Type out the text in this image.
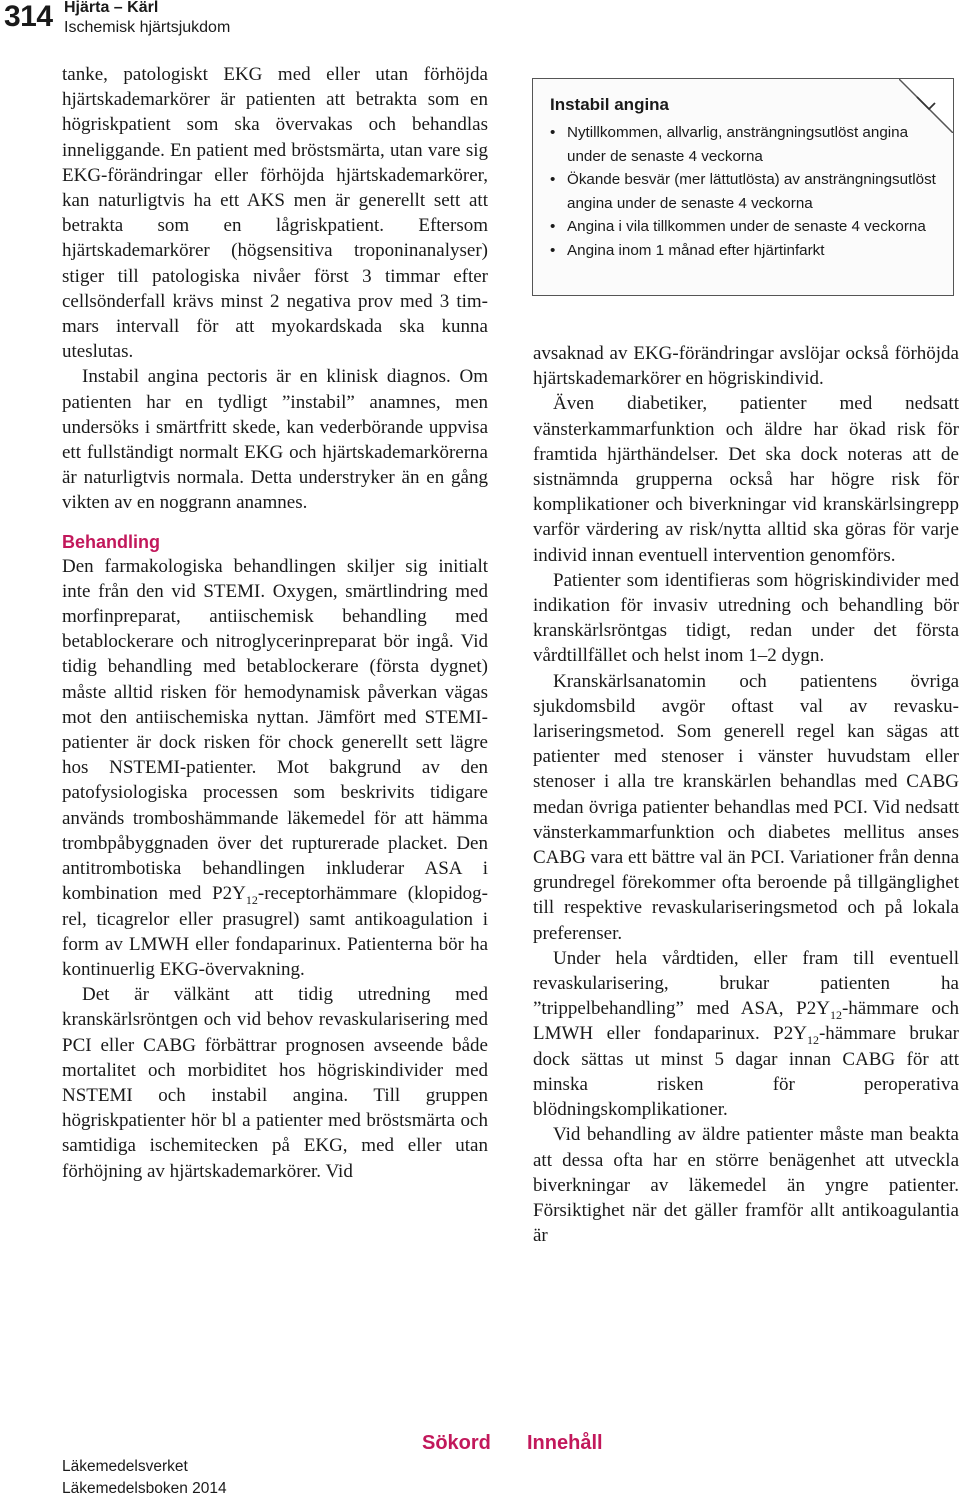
314 Hjärta – Kärl
Ischemisk hjärtsjukdom

tanke, patologiskt EKG med eller utan förhöjda hjärtskademarkörer är patienten att betrakta som en högriskpatient som ska övervakas och behandlas inneliggande. En patient med bröstsmärta, utan vare sig EKG-förändringar eller förhöjda hjärtskademarkörer, kan naturligtvis ha ett AKS men är generellt sett att betrakta som en lågriskpatient. Eftersom hjärtskademarkörer (högsensitiva troponinanalyser) stiger till patologiska nivåer först 3 timmar efter cellsönderfall krävs minst 2 negativa prov med 3 timmars intervall för att myokardskada ska kunna uteslutas.

Instabil angina pectoris är en klinisk diagnos. Om patienten har en tydligt ”instabil” anamnes, men undersöks i smärtfritt skede, kan vederbörande uppvisa ett fullständigt normalt EKG och hjärtskademarkörerna är naturligtvis normala. Detta understryker än en gång vikten av en noggrann anamnes.

Behandling

Den farmakologiska behandlingen skiljer sig initialt inte från den vid STEMI. Oxygen, smärtlindring med morfinpreparat, antiischemisk behandling med betablockerare och nitroglycerinpreparat bör ingå. Vid tidig behandling med betablockerare (första dygnet) måste alltid risken för hemodynamisk påverkan vägas mot den antiischemiska nyttan. Jämfört med STEMI-patienter är dock risken för chock generellt sett lägre hos NSTEMI-patienter. Mot bakgrund av den patofysiologiska processen som beskrivits tidigare används tromboshämmande läkemedel för att hämma trombpåbyggnaden över det rupturerade placket. Den antitrombotiska behandlingen inkluderar ASA i kombination med $P2Y_{12}$-receptorhämmare (klopidogrel, ticagrelor eller prasugrel) samt antikoagulation i form av LMWH eller fondaparinux. Patienterna bör ha kontinuerlig EKG-övervakning.

Det är välkänt att tidig utredning med kranskärlsröntgen och vid behov revaskularisering med PCI eller CABG förbättrar prognosen avseende både mortalitet och morbiditet hos högriskindivider med NSTEMI och instabil angina. Till gruppen högriskpatienter hör bl a patienter med bröstsmärta och samtidiga ischemitecken på EKG, med eller utan förhöjning av hjärtskademarkörer. Vid

Instabil angina
• Nytillkommen, allvarlig, ansträngningsutlöst angina under de senaste 4 veckorna
• Ökande besvär (mer lättutlösta) av ansträngningsutlöst angina under de senaste 4 veckorna
• Angina i vila tillkommen under de senaste 4 veckorna
• Angina inom 1 månad efter hjärtinfarkt

avsaknad av EKG-förändringar avslöjar också förhöjda hjärtskademarkörer en högriskindivid.

Även diabetiker, patienter med nedsatt vänsterkammarfunktion och äldre har ökad risk för framtida hjärthändelser. Det ska dock noteras att de sistnämnda grupperna också har högre risk för komplikationer och biverkningar vid kranskärlsingrepp varför värdering av risk/nytta alltid ska göras för varje individ innan eventuell intervention genomförs.

Patienter som identifieras som högriskindivider med indikation för invasiv utredning och behandling bör kranskärlsröntgas tidigt, redan under det första vårdtillfället och helst inom 1–2 dygn.

Kranskärlsanatomin och patientens övriga sjukdomsbild avgör oftast val av revaskulariseringsmetod. Som generell regel kan sägas att patienter med stenoser i vänster huvudstam eller stenoser i alla tre kranskärlen behandlas med CABG medan övriga patienter behandlas med PCI. Vid nedsatt vänsterkammarfunktion och diabetes mellitus anses CABG vara ett bättre val än PCI. Variationer från denna grundregel förekommer ofta beroende på tillgänglighet till respektive revaskulariseringsmetod och på lokala preferenser.

Under hela vårdtiden, eller fram till eventuell revaskularisering, brukar patienten ha ”trippelbehandling” med ASA, $P2Y_{12}$-hämmare och LMWH eller fondaparinux. $P2Y_{12}$-hämmare brukar dock sättas ut minst 5 dagar innan CABG för att minska risken för peroperativa blödningskomplikationer.

Vid behandling av äldre patienter måste man beakta att dessa ofta har en större benägenhet att utveckla biverkningar av läkemedel än yngre patienter. Försiktighet när det gäller framför allt antikoagulantia är

Sökord Innehåll
Läkemedelsverket
Läkemedelsboken 2014
